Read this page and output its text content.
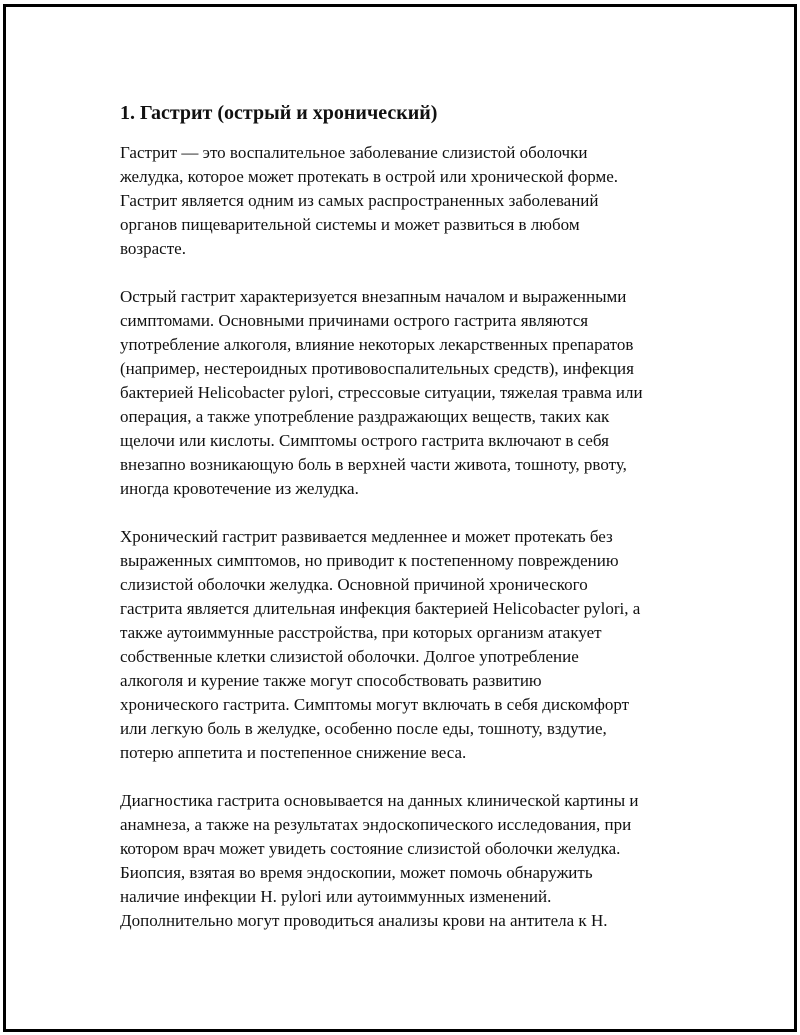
1. Гастрит (острый и хронический)
Гастрит — это воспалительное заболевание слизистой оболочки
желудка, которое может протекать в острой или хронической форме.
Гастрит является одним из самых распространенных заболеваний
органов пищеварительной системы и может развиться в любом
возрасте.
Острый гастрит характеризуется внезапным началом и выраженными
симптомами. Основными причинами острого гастрита являются
употребление алкоголя, влияние некоторых лекарственных препаратов
(например, нестероидных противовоспалительных средств), инфекция
бактерией Helicobacter pylori, стрессовые ситуации, тяжелая травма или
операция, а также употребление раздражающих веществ, таких как
щелочи или кислоты. Симптомы острого гастрита включают в себя
внезапно возникающую боль в верхней части живота, тошноту, рвоту,
иногда кровотечение из желудка.
Хронический гастрит развивается медленнее и может протекать без
выраженных симптомов, но приводит к постепенному повреждению
слизистой оболочки желудка. Основной причиной хронического
гастрита является длительная инфекция бактерией Helicobacter pylori, а
также аутоиммунные расстройства, при которых организм атакует
собственные клетки слизистой оболочки. Долгое употребление
алкоголя и курение также могут способствовать развитию
хронического гастрита. Симптомы могут включать в себя дискомфорт
или легкую боль в желудке, особенно после еды, тошноту, вздутие,
потерю аппетита и постепенное снижение веса.
Диагностика гастрита основывается на данных клинической картины и
анамнеза, а также на результатах эндоскопического исследования, при
котором врач может увидеть состояние слизистой оболочки желудка.
Биопсия, взятая во время эндоскопии, может помочь обнаружить
наличие инфекции H. pylori или аутоиммунных изменений.
Дополнительно могут проводиться анализы крови на антитела к H.
